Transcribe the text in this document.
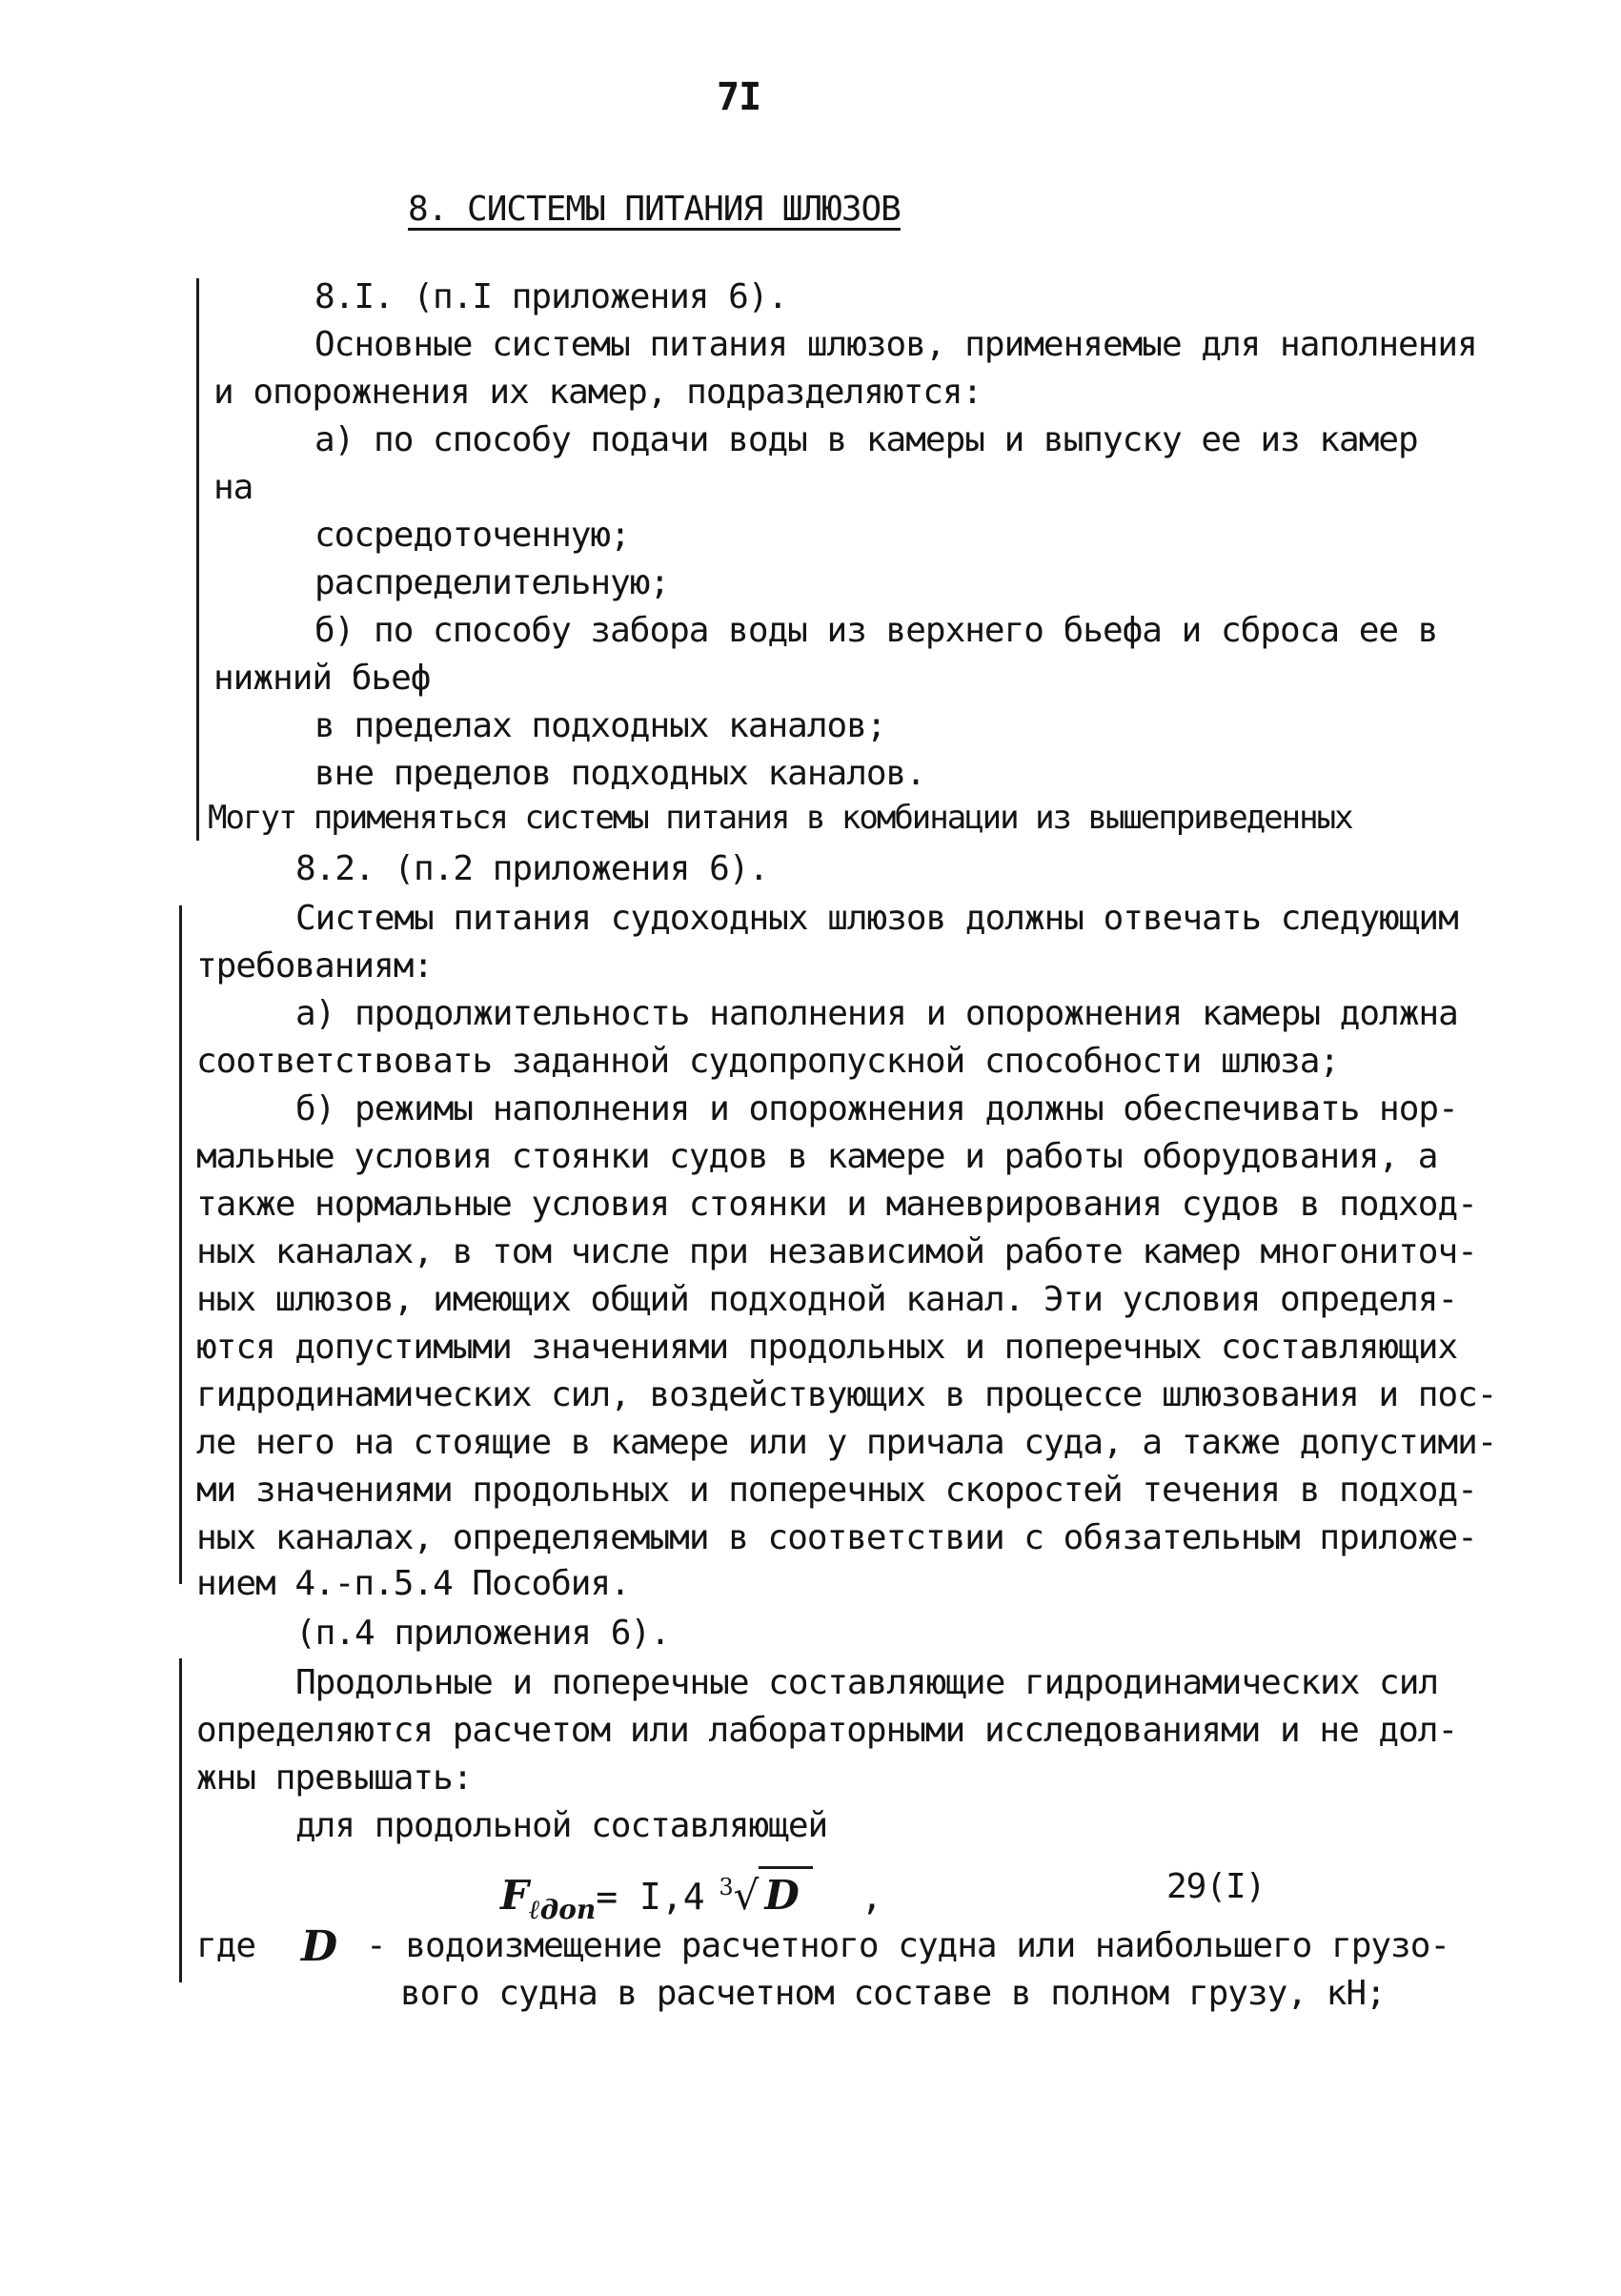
7I
8. СИСТЕМЫ ПИТАНИЯ ШЛЮЗОВ
8.I. (п.I приложения 6).
Основные системы питания шлюзов, применяемые для наполнения
и опорожнения их камер, подразделяются:
а) по способу подачи воды в камеры и выпуску ее из камер
на
сосредоточенную;
распределительную;
б) по способу забора воды из верхнего бьефа и сброса ее в
нижний бьеф
в пределах подходных каналов;
вне пределов подходных каналов.
Могут применяться системы питания в комбинации из вышеприведенных
8.2. (п.2 приложения 6).
Системы питания судоходных шлюзов должны отвечать следующим
требованиям:
а) продолжительность наполнения и опорожнения камеры должна
соответствовать заданной судопропускной способности шлюза;
б) режимы наполнения и опорожнения должны обеспечивать нор-
мальные условия стоянки судов в камере и работы оборудования, а
также нормальные условия стоянки и маневрирования судов в подход-
ных каналах, в том числе при независимой работе камер многониточ-
ных шлюзов, имеющих общий подходной канал. Эти условия определя-
ются допустимыми значениями продольных и поперечных составляющих
гидродинамических сил, воздействующих в процессе шлюзования и пос-
ле него на стоящие в камере или у причала суда, а также допустими-
ми значениями продольных и поперечных скоростей течения в подход-
ных каналах, определяемыми в соответствии с обязательным приложе-
нием 4.-п.5.4 Пособия.
(п.4 приложения 6).
Продольные и поперечные составляющие гидродинамических сил
определяются расчетом или лабораторными исследованиями и не дол-
жны превышать:
для продольной составляющей
$F_{\ell доп}= I,4$ $^3$√ D ,	29(I)
где D - водоизмещение расчетного судна или наибольшего грузо-
вого судна в расчетном составе в полном грузу, кН;
